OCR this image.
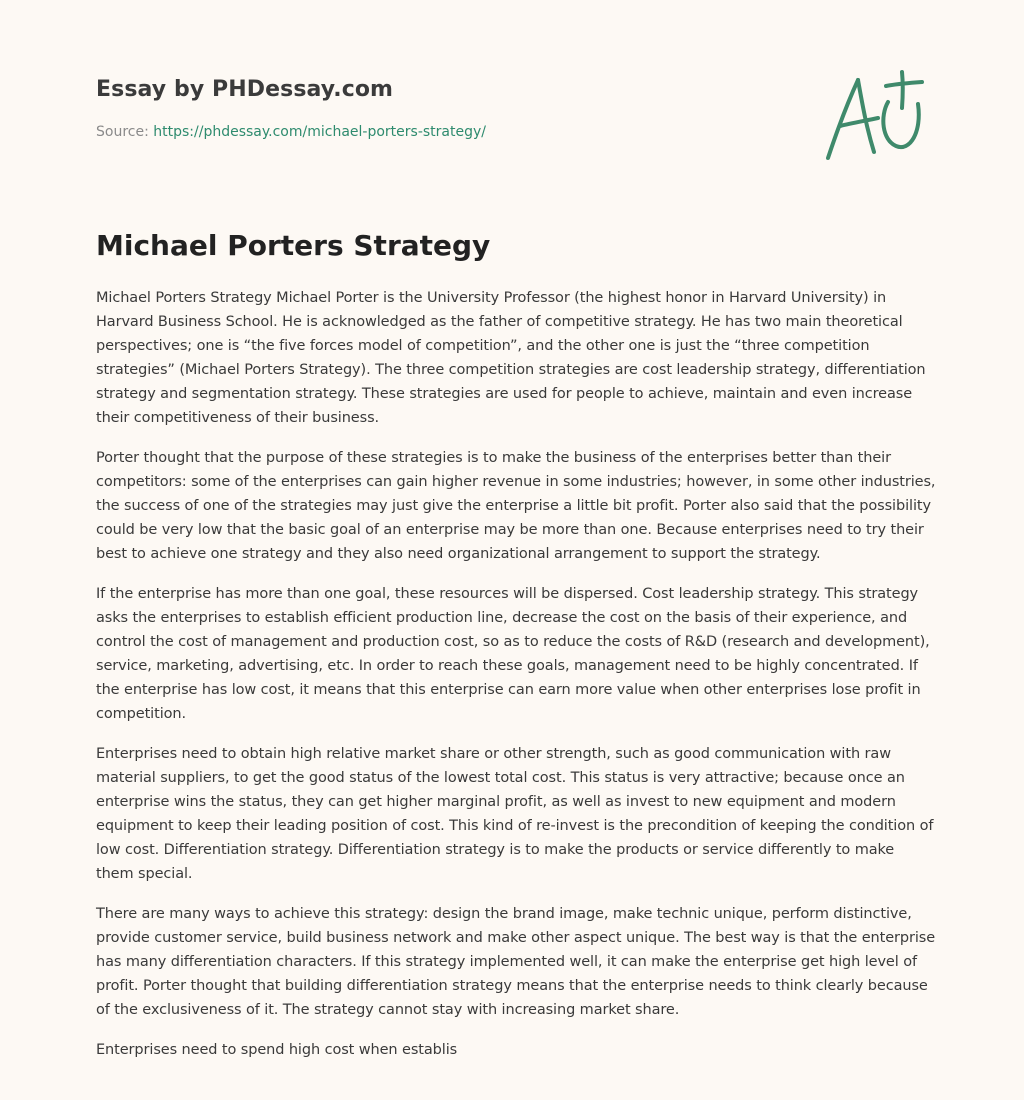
Essay by PHDessay.com
Source: https://phdessay.com/michael-porters-strategy/
Michael Porters Strategy

Michael Porters Strategy Michael Porter is the University Professor (the highest honor in Harvard University) in Harvard Business School. He is acknowledged as the father of competitive strategy. He has two main theoretical perspectives; one is “the five forces model of competition”, and the other one is just the “three competition strategies” (Michael Porters Strategy). The three competition strategies are cost leadership strategy, differentiation strategy and segmentation strategy. These strategies are used for people to achieve, maintain and even increase their competitiveness of their business.

Porter thought that the purpose of these strategies is to make the business of the enterprises better than their competitors: some of the enterprises can gain higher revenue in some industries; however, in some other industries, the success of one of the strategies may just give the enterprise a little bit profit. Porter also said that the possibility could be very low that the basic goal of an enterprise may be more than one. Because enterprises need to try their best to achieve one strategy and they also need organizational arrangement to support the strategy.

If the enterprise has more than one goal, these resources will be dispersed. Cost leadership strategy. This strategy asks the enterprises to establish efficient production line, decrease the cost on the basis of their experience, and control the cost of management and production cost, so as to reduce the costs of R&D (research and development), service, marketing, advertising, etc. In order to reach these goals, management need to be highly concentrated. If the enterprise has low cost, it means that this enterprise can earn more value when other enterprises lose profit in competition.

Enterprises need to obtain high relative market share or other strength, such as good communication with raw material suppliers, to get the good status of the lowest total cost. This status is very attractive; because once an enterprise wins the status, they can get higher marginal profit, as well as invest to new equipment and modern equipment to keep their leading position of cost. This kind of re-invest is the precondition of keeping the condition of low cost. Differentiation strategy. Differentiation strategy is to make the products or service differently to make them special.

There are many ways to achieve this strategy: design the brand image, make technic unique, perform distinctive, provide customer service, build business network and make other aspect unique. The best way is that the enterprise has many differentiation characters. If this strategy implemented well, it can make the enterprise get high level of profit. Porter thought that building differentiation strategy means that the enterprise needs to think clearly because of the exclusiveness of it. The strategy cannot stay with increasing market share.

Enterprises need to spend high cost when establis
